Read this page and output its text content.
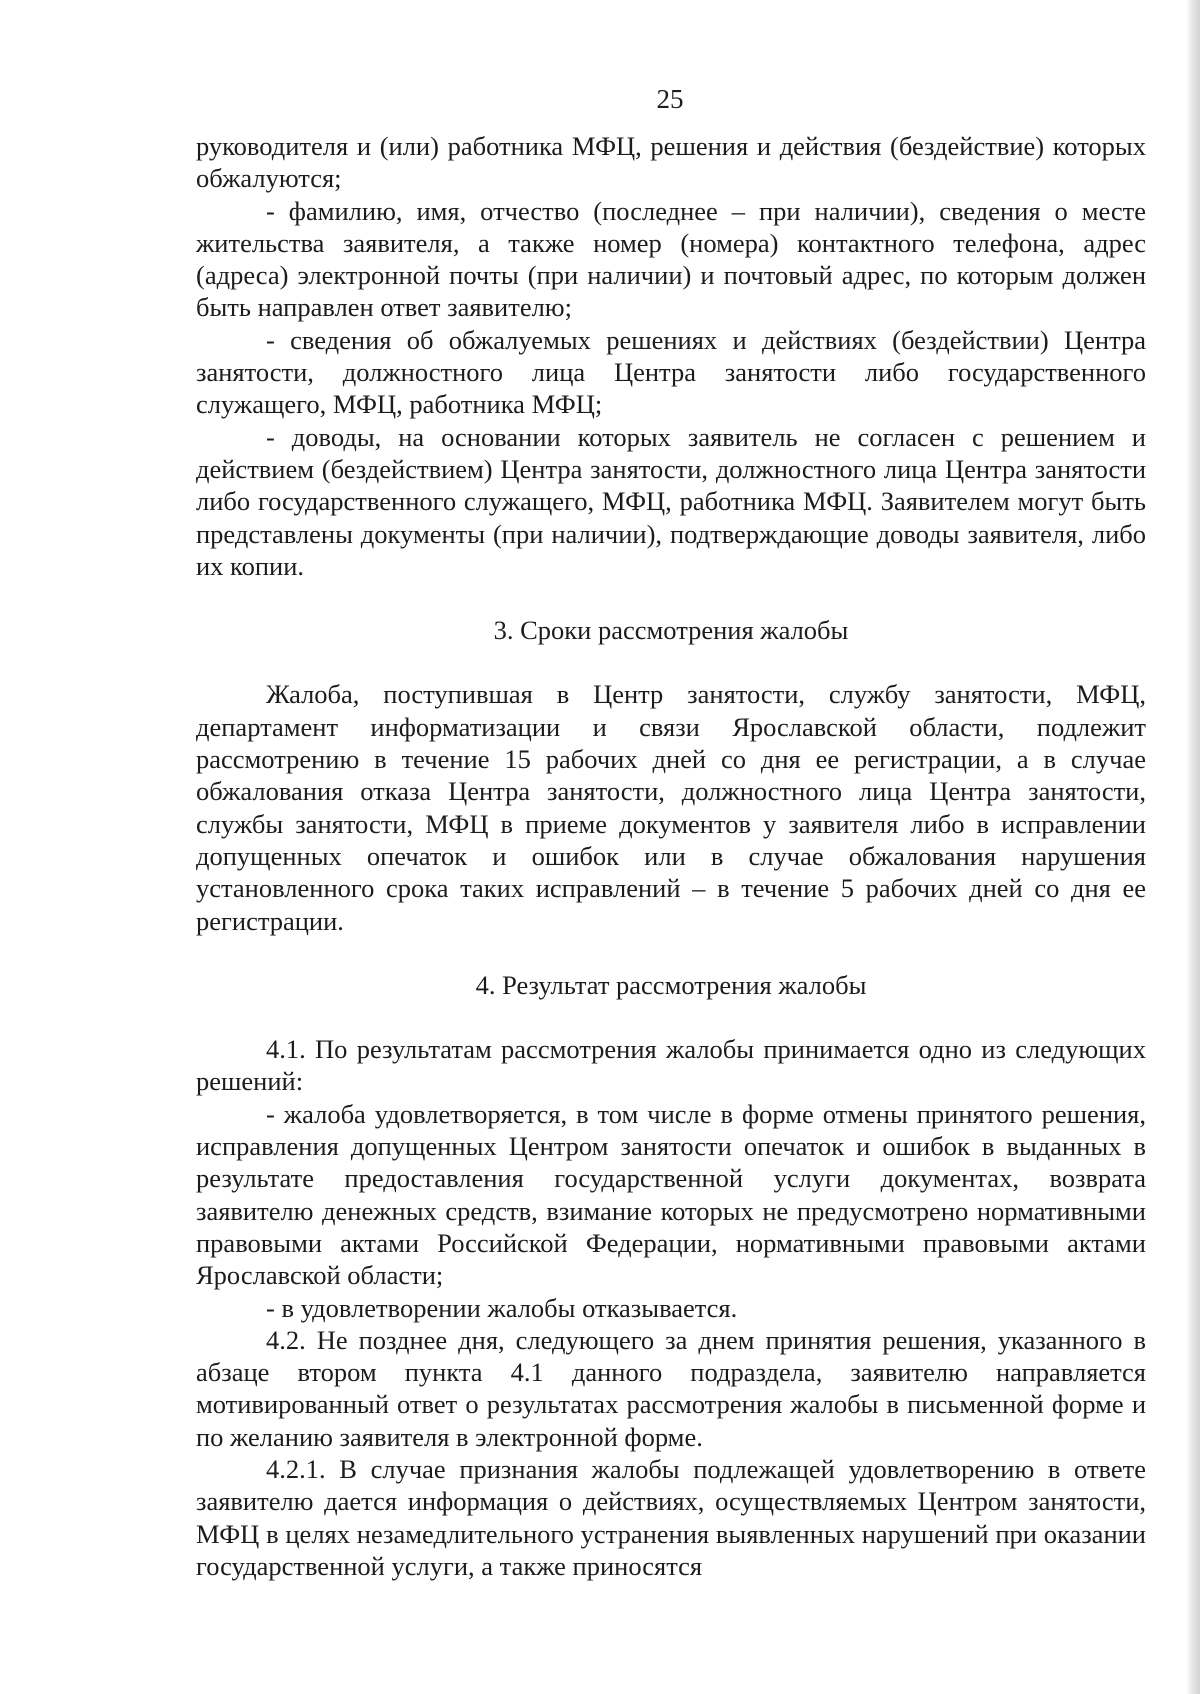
25

руководителя и (или) работника МФЦ, решения и действия (бездействие) которых обжалуются;

- фамилию, имя, отчество (последнее – при наличии), сведения о месте жительства заявителя, а также номер (номера) контактного телефона, адрес (адреса) электронной почты (при наличии) и почтовый адрес, по которым должен быть направлен ответ заявителю;

- сведения об обжалуемых решениях и действиях (бездействии) Центра занятости, должностного лица Центра занятости либо государственного служащего, МФЦ, работника МФЦ;

- доводы, на основании которых заявитель не согласен с решением и действием (бездействием) Центра занятости, должностного лица Центра занятости либо государственного служащего, МФЦ, работника МФЦ. Заявителем могут быть представлены документы (при наличии), подтверждающие доводы заявителя, либо их копии.

3. Сроки рассмотрения жалобы

Жалоба, поступившая в Центр занятости, службу занятости, МФЦ, департамент информатизации и связи Ярославской области, подлежит рассмотрению в течение 15 рабочих дней со дня ее регистрации, а в случае обжалования отказа Центра занятости, должностного лица Центра занятости, службы занятости, МФЦ в приеме документов у заявителя либо в исправлении допущенных опечаток и ошибок или в случае обжалования нарушения установленного срока таких исправлений – в течение 5 рабочих дней со дня ее регистрации.

4. Результат рассмотрения жалобы

4.1. По результатам рассмотрения жалобы принимается одно из следующих решений:

- жалоба удовлетворяется, в том числе в форме отмены принятого решения, исправления допущенных Центром занятости опечаток и ошибок в выданных в результате предоставления государственной услуги документах, возврата заявителю денежных средств, взимание которых не предусмотрено нормативными правовыми актами Российской Федерации, нормативными правовыми актами Ярославской области;

- в удовлетворении жалобы отказывается.

4.2. Не позднее дня, следующего за днем принятия решения, указанного в абзаце втором пункта 4.1 данного подраздела, заявителю направляется мотивированный ответ о результатах рассмотрения жалобы в письменной форме и по желанию заявителя в электронной форме.

4.2.1. В случае признания жалобы подлежащей удовлетворению в ответе заявителю дается информация о действиях, осуществляемых Центром занятости, МФЦ в целях незамедлительного устранения выявленных нарушений при оказании государственной услуги, а также приносятся
